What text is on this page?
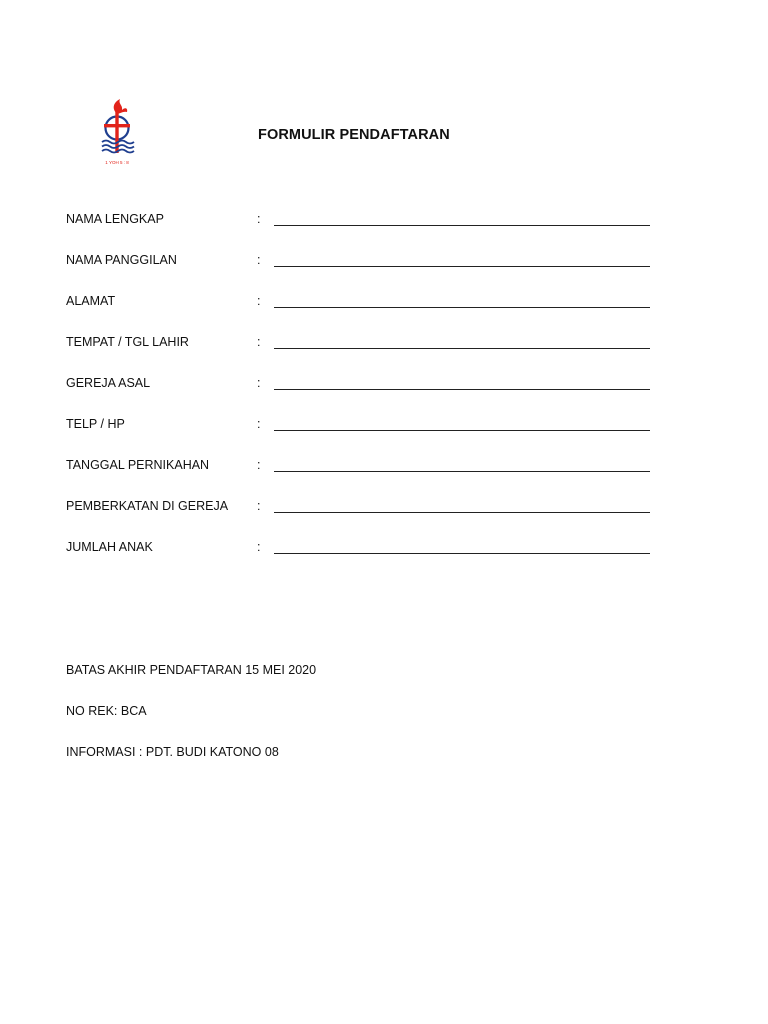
1 YOH 5 : 8
FORMULIR PENDAFTARAN
NAMA LENGKAP	:
NAMA PANGGILAN	:
ALAMAT	:
TEMPAT / TGL LAHIR	:
GEREJA ASAL	:
TELP / HP	:
TANGGAL PERNIKAHAN	:
PEMBERKATAN DI GEREJA :
JUMLAH ANAK	:
BATAS AKHIR PENDAFTARAN 15 MEI 2020
NO REK: BCA
INFORMASI : PDT. BUDI KATONO 08
